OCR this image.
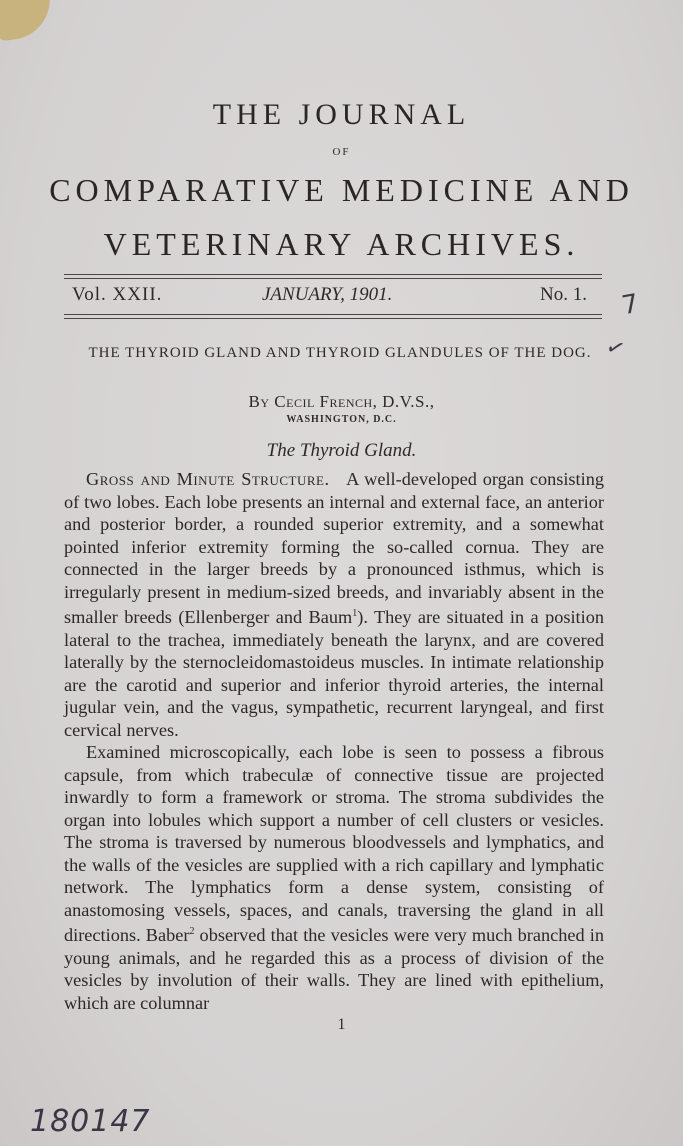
THE JOURNAL
OF
COMPARATIVE MEDICINE AND
VETERINARY ARCHIVES.
Vol. XXII.	JANUARY, 1901.	No. 1. 7
✓
THE THYROID GLAND AND THYROID GLANDULES OF THE DOG.
By Cecil French, D.V.S.,
WASHINGTON, D.C.
The Thyroid Gland.

Gross and Minute Structure. A well-developed organ consisting of two lobes. Each lobe presents an internal and external face, an anterior and posterior border, a rounded superior extremity, and a somewhat pointed inferior extremity forming the so-called cornua. They are connected in the larger breeds by a pronounced isthmus, which is irregularly present in medium-sized breeds, and invariably absent in the smaller breeds (Ellenberger and Baum$^1$). They are situated in a position lateral to the trachea, immediately beneath the larynx, and are covered laterally by the sternocleidomastoideus muscles. In intimate relationship are the carotid and superior and inferior thyroid arteries, the internal jugular vein, and the vagus, sympathetic, recurrent laryngeal, and first cervical nerves.

Examined microscopically, each lobe is seen to possess a fibrous capsule, from which trabeculæ of connective tissue are projected inwardly to form a framework or stroma. The stroma subdivides the organ into lobules which support a number of cell clusters or vesicles. The stroma is traversed by numerous bloodvessels and lymphatics, and the walls of the vesicles are supplied with a rich capillary and lymphatic network. The lymphatics form a dense system, consisting of anastomosing vessels, spaces, and canals, traversing the gland in all directions. Baber$^2$ observed that the vesicles were very much branched in young animals, and he regarded this as a process of division of the vesicles by involution of their walls. They are lined with epithelium, which are columnar

1
180147
